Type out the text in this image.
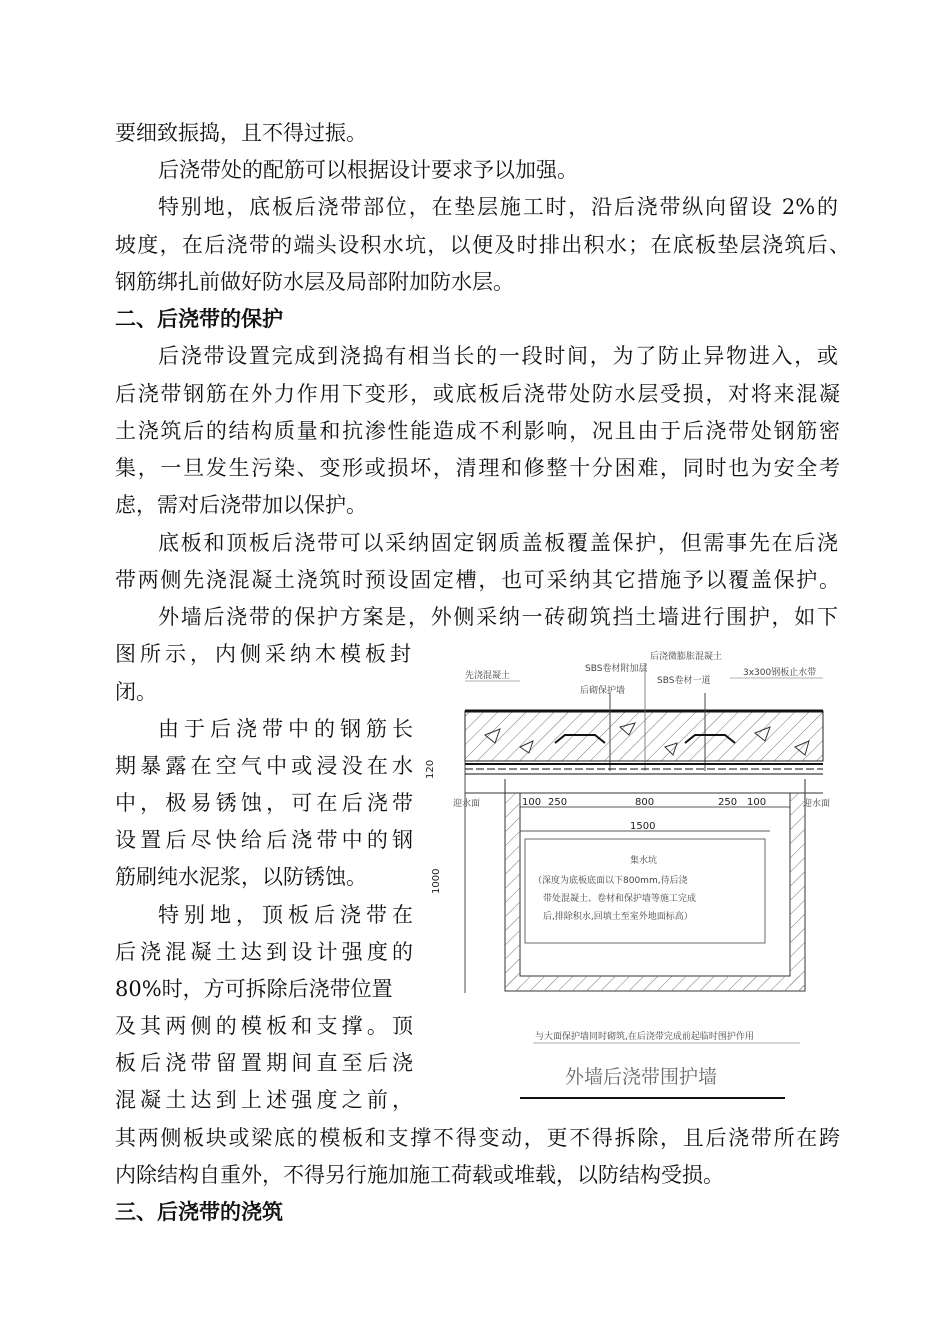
要细致振捣，且不得过振。
后浇带处的配筋可以根据设计要求予以加强。
特别地，底板后浇带部位，在垫层施工时，沿后浇带纵向留设 2%的
坡度，在后浇带的端头设积水坑，以便及时排出积水；在底板垫层浇筑后、
钢筋绑扎前做好防水层及局部附加防水层。
二、后浇带的保护
后浇带设置完成到浇捣有相当长的一段时间，为了防止异物进入，或
后浇带钢筋在外力作用下变形，或底板后浇带处防水层受损，对将来混凝
土浇筑后的结构质量和抗渗性能造成不利影响，况且由于后浇带处钢筋密
集，一旦发生污染、变形或损坏，清理和修整十分困难，同时也为安全考
虑，需对后浇带加以保护。
底板和顶板后浇带可以采纳固定钢质盖板覆盖保护，但需事先在后浇
带两侧先浇混凝土浇筑时预设固定槽，也可采纳其它措施予以覆盖保护。
外墙后浇带的保护方案是，外侧采纳一砖砌筑挡土墙进行围护，如下
图所示，内侧采纳木模板封
闭。
由于后浇带中的钢筋长
期暴露在空气中或浸没在水
中，极易锈蚀，可在后浇带
设置后尽快给后浇带中的钢
筋刷纯水泥浆，以防锈蚀。
特别地，顶板后浇带在
后浇混凝土达到设计强度的
80%时，方可拆除后浇带位置
及其两侧的模板和支撑。顶
板后浇带留置期间直至后浇
混凝土达到上述强度之前，
其两侧板块或梁底的模板和支撑不得变动，更不得拆除，且后浇带所在跨
内除结构自重外，不得另行施加施工荷载或堆载，以防结构受损。
三、后浇带的浇筑
先浇混凝土
SBS卷材附加层
后砌保护墙
后浇微膨胀混凝土
SBS卷材一道
3x300钢板止水带
迎水面	迎水面
100 250	800	250 100
1500
1000
120
集水坑
（深度为底板底面以下800mm,待后浇
带处混凝土、卷材和保护墙等施工完成
后,排除积水,回填土至室外地面标高）
与大面保护墙同时砌筑,在后浇带完成前起临时围护作用
外墙后浇带围护墙
